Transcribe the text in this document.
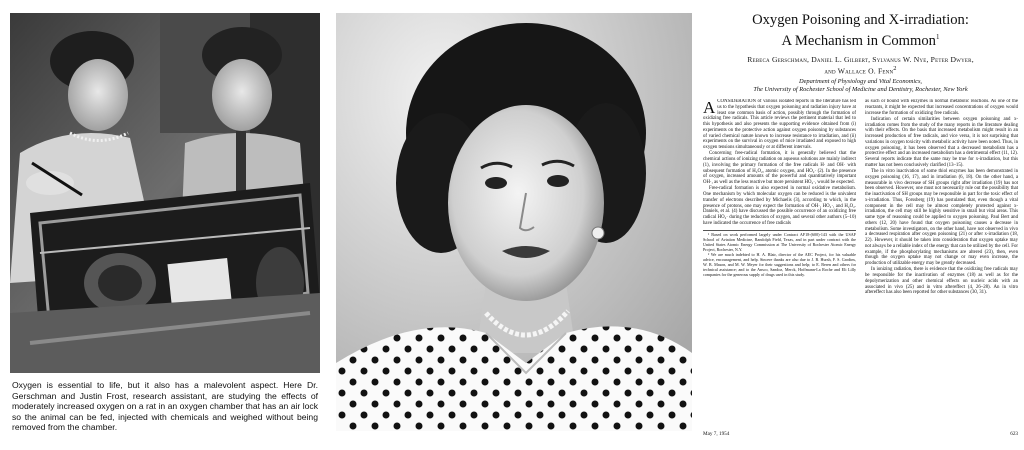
Oxygen is essential to life, but it also has a malevolent aspect. Here Dr. Gerschman and Justin Frost, research assistant, are studying the effects of moderately increased oxygen on a rat in an oxygen chamber that has an air lock so the animal can be fed, injected with chemicals and weighed without being removed from the chamber.
Oxygen Poisoning and X-irradiation:
A Mechanism in Common$^1$
Rebeca Gerschman, Daniel L. Gilbert, Sylvanus W. Nye, Peter Dwyer,
and Wallace O. Fenn$^2$
Department of Physiology and Vital Economics,
The University of Rochester School of Medicine and Dentistry, Rochester, New York

ACONSIDERATION of various isolated reports in the literature has led us to the hypothesis that oxygen poisoning and radiation injury have at least one common basis of action, possibly through the formation of oxidizing free radicals. This article reviews the pertinent material that led to this hypothesis and also presents the supporting evidence obtained from (i) experiments on the protective action against oxygen poisoning by substances of varied chemical nature known to increase resistance to irradiation, and (ii) experiments on the survival in oxygen of mice irradiated and exposed to high oxygen tensions simultaneously or at different intervals.

Concerning free-radical formation, it is generally believed that the chemical actions of ionizing radiation on aqueous solutions are mainly indirect (1), involving the primary formation of the free radicals H· and OH· with subsequent formation of H₂O₂, atomic oxygen, and HO₂· (2). In the presence of oxygen, increased amounts of the powerful and quantitatively important OH·, as well as the less reactive but more persistent HO₂·, would be expected.

Free-radical formation is also expected in normal oxidative metabolism. One mechanism by which molecular oxygen can be reduced is the univalent transfer of electrons described by Michaelis (3), according to which, in the presence of protons, one may expect the formation of OH·, HO₂·, and H₂O₂. Daniels, et al. (4) have discussed the possible occurrence of an oxidizing free radical HO₂· during the reduction of oxygen, and several other authors (5–10) have indicated the occurrence of free radicals

¹ Based on work performed largely under Contract AF18-(600)-143 with the USAF School of Aviation Medicine, Randolph Field, Texas, and in part under contract with the United States Atomic Energy Commission at The University of Rochester Atomic Energy Project, Rochester, N.Y.

² We are much indebted to H. A. Blair, director of the AEC Project, for his valuable advice, encouragement, and help. Sincere thanks are also due to J. B. Hursh, F. S. Grodins, W. B. Mason, and M. W. Meyer for their suggestions and help; to E. Beren and others for technical assistance; and to the Ansco, Sandoz, Merck, Hoffmann-La Roche and Eli Lilly companies for the generous supply of drugs used in this study.

as such or bound with enzymes in normal metabolic reactions. As one of the reactants, it might be expected that increased concentrations of oxygen would increase the formation of oxidizing free radicals.

Indication of certain similarities between oxygen poisoning and x-irradiation comes from the study of the many reports in the literature dealing with their effects. On the basis that increased metabolism might result in an increased production of free radicals, and vice versa, it is not surprising that variations in oxygen toxicity with metabolic activity have been noted. Thus, in oxygen poisoning, it has been observed that a decreased metabolism has a protective effect and an increased metabolism has a detrimental effect (11, 12). Several reports indicate that the same may be true for x-irradiation, but this matter has not been conclusively clarified (13–15).

The in vitro inactivation of some thiol enzymes has been demonstrated in oxygen poisoning (16, 17), and in irradiation (6, 18). On the other hand, a measurable in vivo decrease of SH groups right after irradiation (19) has not been observed. However, one must not necessarily rule out the possibility that the inactivation of SH groups may be responsible in part for the toxic effect of x-irradiation. Thus, Forssberg (19) has postulated that, even though a vital component in the cell may be almost completely protected against x-irradiation, the cell may still be highly sensitive in small but vital areas. This same type of reasoning could be applied to oxygen poisoning. Paul Bert and others (12, 20) have found that oxygen poisoning causes a decrease in metabolism. Some investigators, on the other hand, have not observed in vivo a decreased respiration after oxygen poisoning (21) or after x-irradiation (18, 22). However, it should be taken into consideration that oxygen uptake may not always be a reliable index of the energy that can be utilized by the cell. For example, if the phosphorylating mechanisms are altered (23), then, even though the oxygen uptake may not change or may even increase, the production of utilizable energy may be greatly decreased.

In ionizing radiation, there is evidence that the oxidizing free radicals may be responsible for the inactivation of enzymes (18) as well as for the depolymerization and other chemical effects on nucleic acids with an associated in vivo (25) and in vitro aftereffect (4, 26–28). An in vitro aftereffect has also been reported for other substances (30, 31).

May 7, 1954	623
